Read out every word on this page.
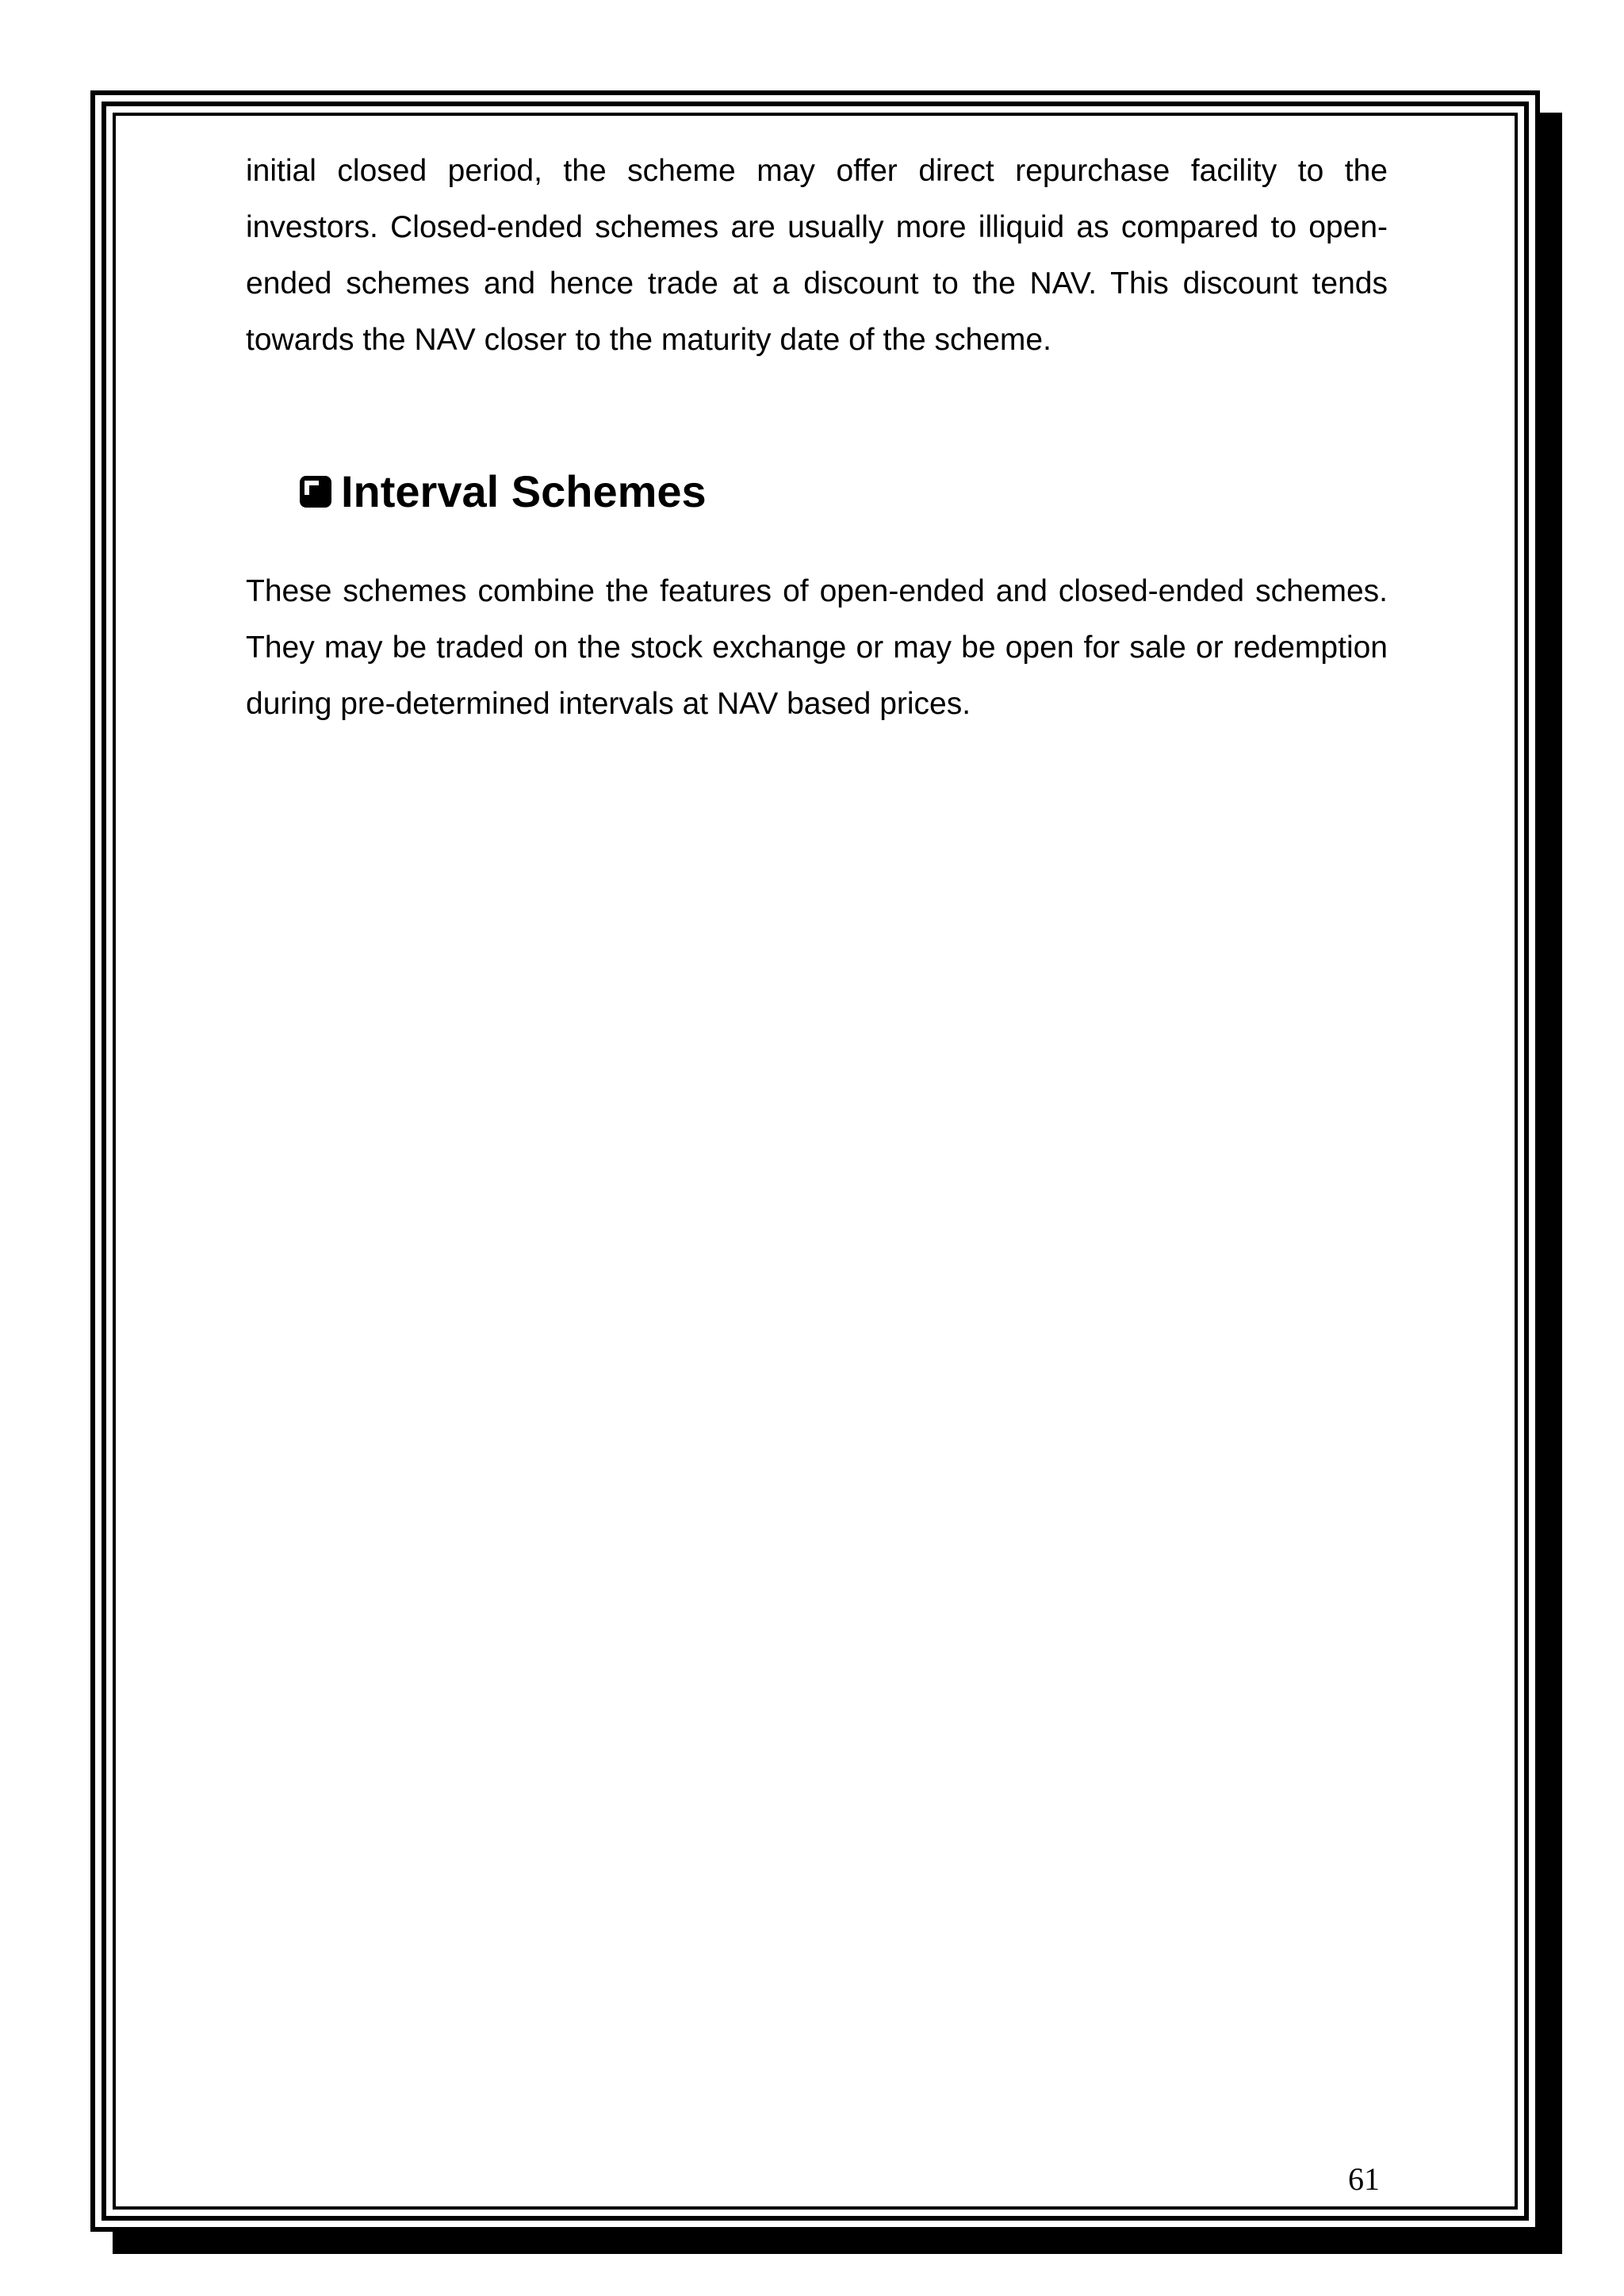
initial closed period, the scheme may offer direct repurchase facility to the investors. Closed-ended schemes are usually more illiquid as compared to open-ended schemes and hence trade at a discount to the NAV. This discount tends towards the NAV closer to the maturity date of the scheme.

Interval Schemes

These schemes combine the features of open-ended and closed-ended schemes. They may be traded on the stock exchange or may be open for sale or redemption during pre-determined intervals at NAV based prices.

61
